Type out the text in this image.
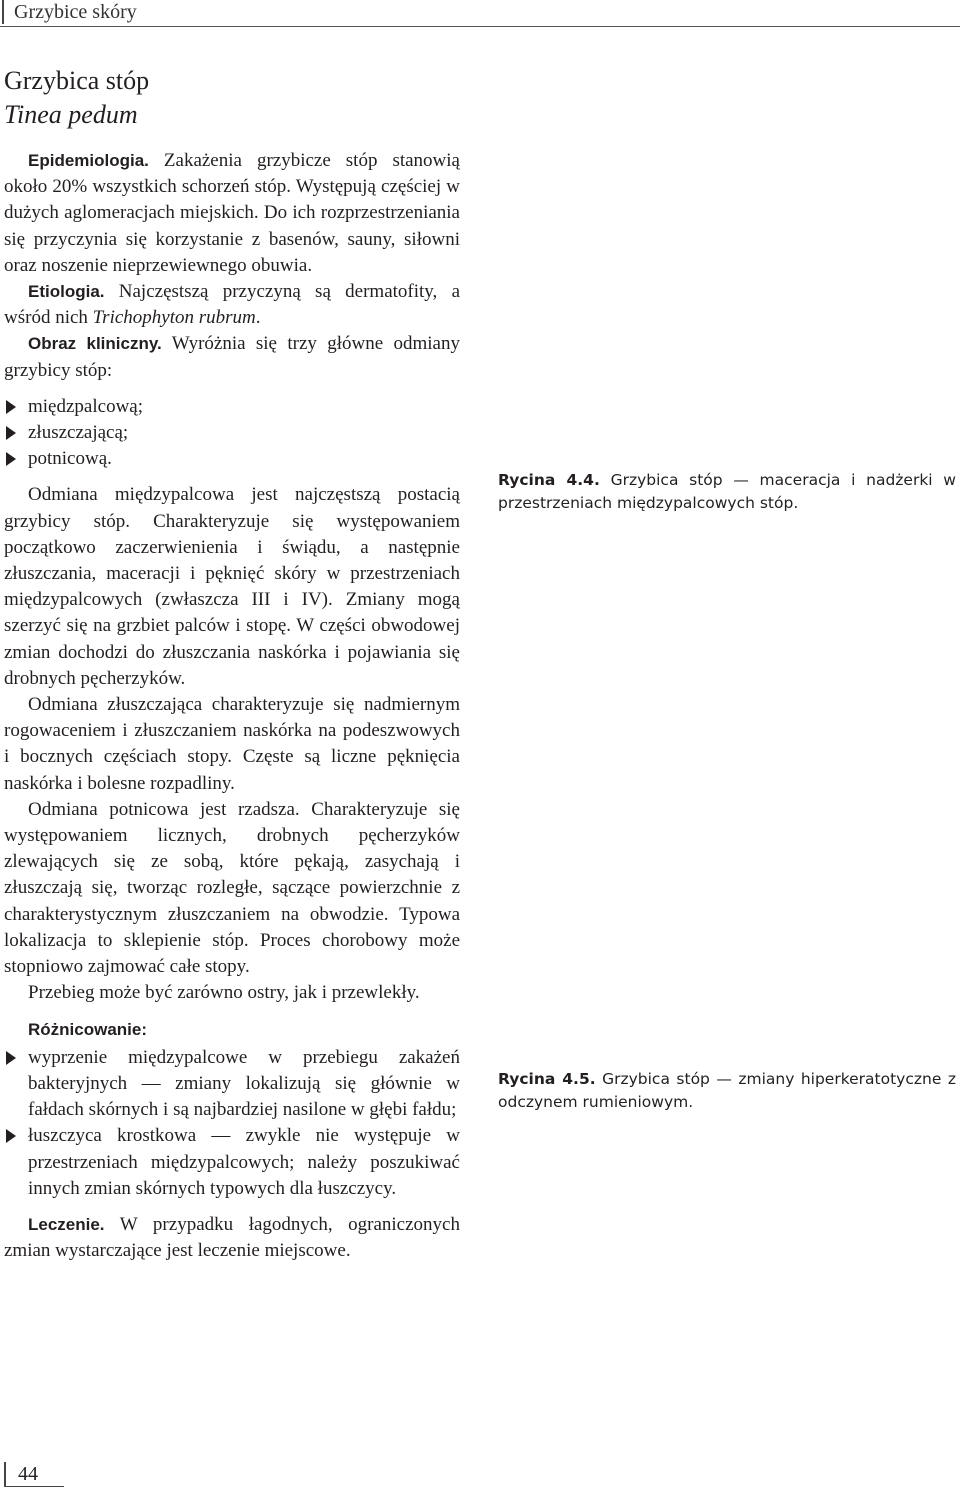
Grzybice skóry
Grzybica stóp
Tinea pedum

Epidemiologia. Zakażenia grzybicze stóp stanowią około 20% wszystkich schorzeń stóp. Występują częściej w dużych aglomeracjach miejskich. Do ich rozprzestrzeniania się przyczynia się korzystanie z basenów, sauny, siłowni oraz noszenie nieprzewiewnego obuwia.

Etiologia. Najczęstszą przyczyną są dermatofity, a wśród nich Trichophyton rubrum.

Obraz kliniczny. Wyróżnia się trzy główne odmiany grzybicy stóp:

międzpalcową;
złuszczającą;
potnicową.

Odmiana międzypalcowa jest najczęstszą postacią grzybicy stóp. Charakteryzuje się występowaniem początkowo zaczerwienienia i świądu, a następnie złuszczania, maceracji i pęknięć skóry w przestrzeniach międzypalcowych (zwłaszcza III i IV). Zmiany mogą szerzyć się na grzbiet palców i stopę. W części obwodowej zmian dochodzi do złuszczania naskórka i pojawiania się drobnych pęcherzyków.

Odmiana złuszczająca charakteryzuje się nadmiernym rogowaceniem i złuszczaniem naskórka na podeszwowych i bocznych częściach stopy. Częste są liczne pęknięcia naskórka i bolesne rozpadliny.

Odmiana potnicowa jest rzadsza. Charakteryzuje się występowaniem licznych, drobnych pęcherzyków zlewających się ze sobą, które pękają, zasychają i złuszczają się, tworząc rozległe, sączące powierzchnie z charakterystycznym złuszczaniem na obwodzie. Typowa lokalizacja to sklepienie stóp. Proces chorobowy może stopniowo zajmować całe stopy.

Przebieg może być zarówno ostry, jak i przewlekły.

Różnicowanie:

wyprzenie międzypalcowe w przebiegu zakażeń bakteryjnych — zmiany lokalizują się głównie w fałdach skórnych i są najbardziej nasilone w głębi fałdu;
łuszczyca krostkowa — zwykle nie występuje w przestrzeniach międzypalcowych; należy poszukiwać innych zmian skórnych typowych dla łuszczycy.

Leczenie. W przypadku łagodnych, ograniczonych zmian wystarczające jest leczenie miejscowe.

Rycina 4.4. Grzybica stóp — maceracja i nadżerki w przestrzeniach międzypalcowych stóp.
Rycina 4.5. Grzybica stóp — zmiany hiperkeratotyczne z odczynem rumieniowym.
44
